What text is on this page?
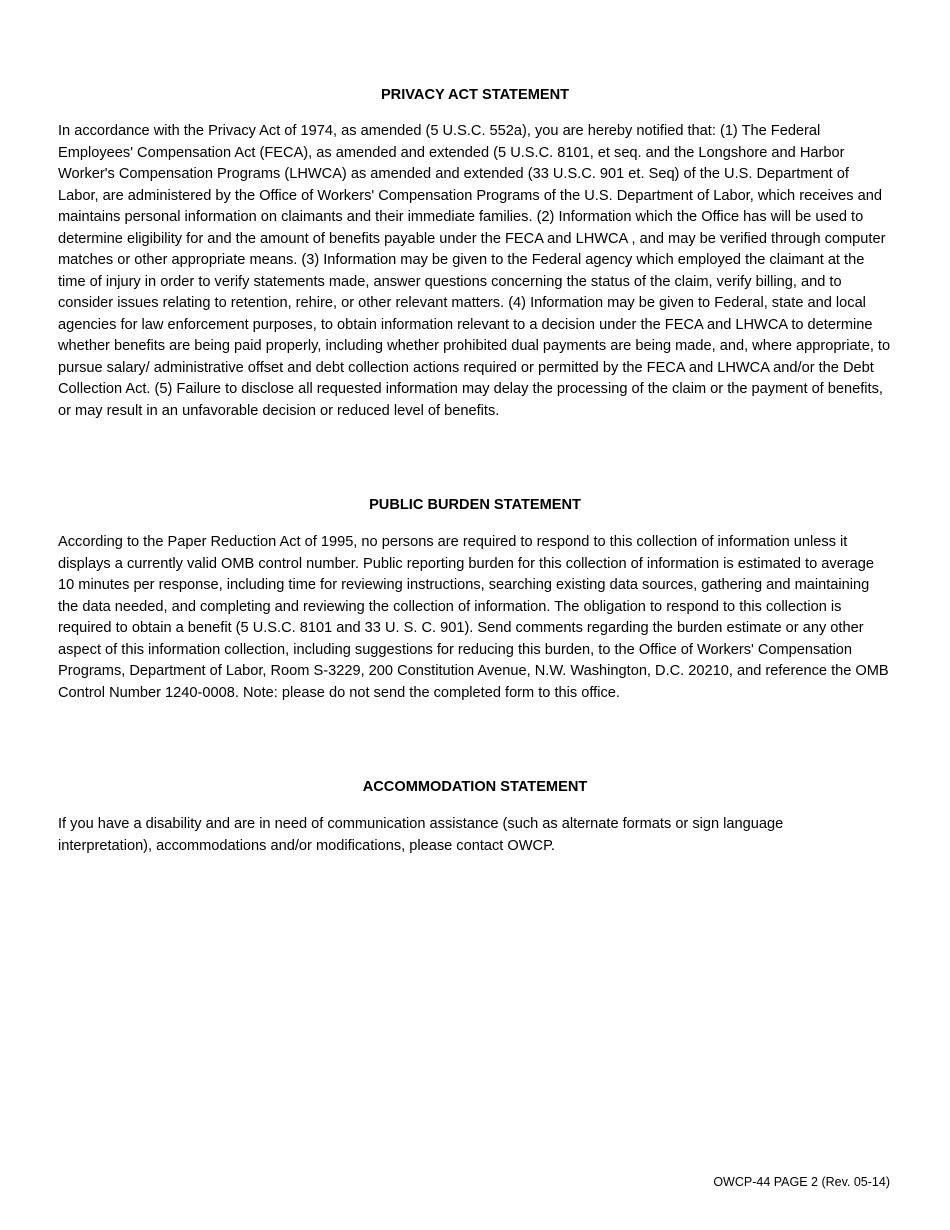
PRIVACY ACT STATEMENT

In accordance with the Privacy Act of 1974, as amended (5 U.S.C. 552a), you are hereby notified that: (1) The Federal Employees' Compensation Act (FECA), as amended and extended (5 U.S.C. 8101, et seq. and the Longshore and Harbor Worker's Compensation Programs (LHWCA) as amended and extended (33 U.S.C. 901 et. Seq) of the U.S. Department of Labor, are administered by the Office of Workers' Compensation Programs of the U.S. Department of Labor, which receives and maintains personal information on claimants and their immediate families. (2) Information which the Office has will be used to determine eligibility for and the amount of benefits payable under the FECA and LHWCA , and may be verified through computer matches or other appropriate means. (3) Information may be given to the Federal agency which employed the claimant at the time of injury in order to verify statements made, answer questions concerning the status of the claim, verify billing, and to consider issues relating to retention, rehire, or other relevant matters. (4) Information may be given to Federal, state and local agencies for law enforcement purposes, to obtain information relevant to a decision under the FECA and LHWCA to determine whether benefits are being paid properly, including whether prohibited dual payments are being made, and, where appropriate, to pursue salary/ administrative offset and debt collection actions required or permitted by the FECA and LHWCA and/or the Debt Collection Act. (5) Failure to disclose all requested information may delay the processing of the claim or the payment of benefits, or may result in an unfavorable decision or reduced level of benefits.

PUBLIC BURDEN STATEMENT

According to the Paper Reduction Act of 1995, no persons are required to respond to this collection of information unless it displays a currently valid OMB control number. Public reporting burden for this collection of information is estimated to average 10 minutes per response, including time for reviewing instructions, searching existing data sources, gathering and maintaining the data needed, and completing and reviewing the collection of information. The obligation to respond to this collection is required to obtain a benefit (5 U.S.C. 8101 and 33 U. S. C. 901). Send comments regarding the burden estimate or any other aspect of this information collection, including suggestions for reducing this burden, to the Office of Workers' Compensation Programs, Department of Labor, Room S-3229, 200 Constitution Avenue, N.W. Washington, D.C. 20210, and reference the OMB Control Number 1240-0008. Note: please do not send the completed form to this office.

ACCOMMODATION STATEMENT

If you have a disability and are in need of communication assistance (such as alternate formats or sign language interpretation), accommodations and/or modifications, please contact OWCP.

OWCP-44 PAGE 2 (Rev. 05-14)
